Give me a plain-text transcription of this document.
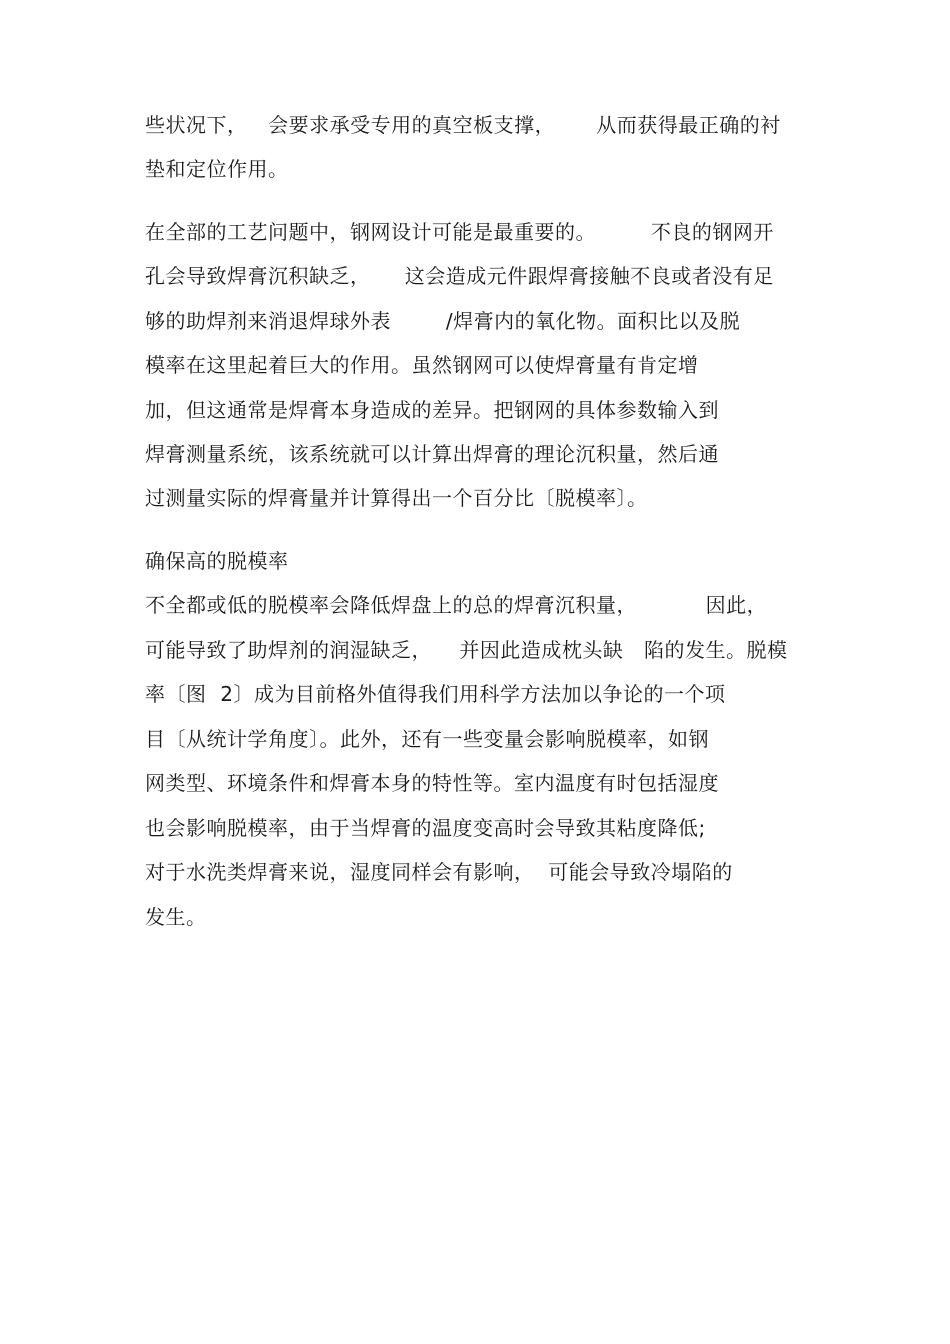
些状况下，   会要求承受专用的真空板支撑，      从而获得最正确的衬
垫和定位作用。
在全部的工艺问题中，钢网设计可能是最重要的。        不良的钢网开
孔会导致焊膏沉积缺乏，     这会造成元件跟焊膏接触不良或者没有足
够的助焊剂来消退焊球外表        /焊膏内的氧化物。面积比以及脱
模率在这里起着巨大的作用。虽然钢网可以使焊膏量有肯定增
加，但这通常是焊膏本身造成的差异。把钢网的具体参数输入到
焊膏测量系统，该系统就可以计算出焊膏的理论沉积量，然后通
过测量实际的焊膏量并计算得出一个百分比〔脱模率〕。
确保高的脱模率
不全都或低的脱模率会降低焊盘上的总的焊膏沉积量，          因此，
可能导致了助焊剂的润湿缺乏，    并因此造成枕头缺   陷的发生。脱模
率〔图  2〕成为目前格外值得我们用科学方法加以争论的一个项
目〔从统计学角度〕。此外，还有一些变量会影响脱模率，如钢
网类型、环境条件和焊膏本身的特性等。室内温度有时包括湿度
也会影响脱模率，由于当焊膏的温度变高时会导致其粘度降低;
对于水洗类焊膏来说，湿度同样会有影响，  可能会导致冷塌陷的
发生。
